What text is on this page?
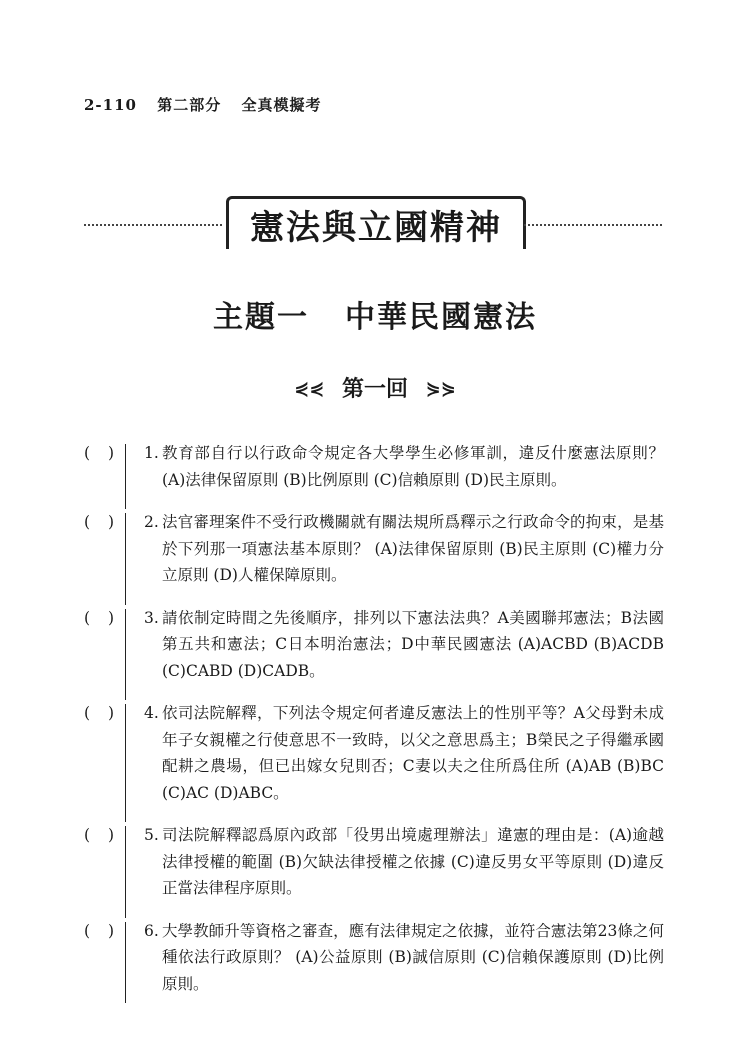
2-110 第二部分 全真模擬考
憲法與立國精神
主題一 中華民國憲法
⋞⋞ 第一回 ⋟⋟
( ) 1. 教育部自行以行政命令規定各大學學生必修軍訓，違反什麼憲法原則？ (A)法律保留原則 (B)比例原則 (C)信賴原則 (D)民主原則。
( ) 2. 法官審理案件不受行政機關就有關法規所爲釋示之行政命令的拘束，是基於下列那一項憲法基本原則？ (A)法律保留原則 (B)民主原則 (C)權力分立原則 (D)人權保障原則。
( ) 3. 請依制定時間之先後順序，排列以下憲法法典？A美國聯邦憲法；B法國第五共和憲法；C日本明治憲法；D中華民國憲法 (A)ACBD (B)ACDB (C)CABD (D)CADB。
( ) 4. 依司法院解釋，下列法令規定何者違反憲法上的性別平等？A父母對未成年子女親權之行使意思不一致時，以父之意思爲主；B榮民之子得繼承國配耕之農場，但已出嫁女兒則否；C妻以夫之住所爲住所 (A)AB (B)BC (C)AC (D)ABC。
( ) 5. 司法院解釋認爲原內政部「役男出境處理辦法」違憲的理由是：(A)逾越法律授權的範圍 (B)欠缺法律授權之依據 (C)違反男女平等原則 (D)違反正當法律程序原則。
( ) 6. 大學教師升等資格之審查，應有法律規定之依據，並符合憲法第23條之何種依法行政原則？ (A)公益原則 (B)誠信原則 (C)信賴保護原則 (D)比例原則。
